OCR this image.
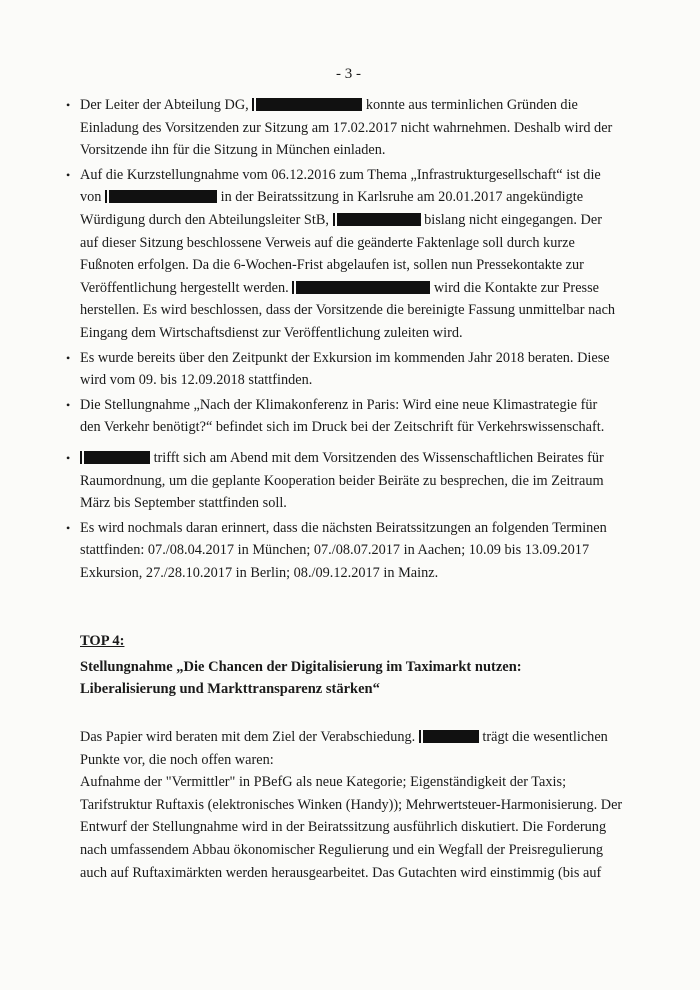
- 3 -
• Der Leiter der Abteilung DG,	konnte aus terminlichen Gründen die Einladung des Vorsitzenden zur Sitzung am 17.02.2017 nicht wahrnehmen. Deshalb wird der Vorsitzende ihn für die Sitzung in München einladen.
• Auf die Kurzstellungnahme vom 06.12.2016 zum Thema „Infrastrukturgesellschaft“ ist die von	in der Beiratssitzung in Karlsruhe am 20.01.2017 angekündigte Würdigung durch den Abteilungsleiter StB,	bislang nicht eingegangen. Der auf dieser Sitzung beschlossene Verweis auf die geänderte Faktenlage soll durch kurze Fußnoten erfolgen. Da die 6-Wochen-Frist abgelaufen ist, sollen nun Pressekontakte zur Veröffentlichung hergestellt werden.	wird die Kontakte zur Presse herstellen. Es wird beschlossen, dass der Vorsitzende die bereinigte Fassung unmittelbar nach Eingang dem Wirtschaftsdienst zur Veröffentlichung zuleiten wird.
• Es wurde bereits über den Zeitpunkt der Exkursion im kommenden Jahr 2018 beraten. Diese wird vom 09. bis 12.09.2018 stattfinden.
• Die Stellungnahme „Nach der Klimakonferenz in Paris: Wird eine neue Klimastrategie für den Verkehr benötigt?“ befindet sich im Druck bei der Zeitschrift für Verkehrswissenschaft.
• trifft sich am Abend mit dem Vorsitzenden des Wissenschaftlichen Beirates für Raumordnung, um die geplante Kooperation beider Beiräte zu besprechen, die im Zeitraum März bis September stattfinden soll.
• Es wird nochmals daran erinnert, dass die nächsten Beiratssitzungen an folgenden Terminen stattfinden: 07./08.04.2017 in München; 07./08.07.2017 in Aachen; 10.09 bis 13.09.2017 Exkursion, 27./28.10.2017 in Berlin; 08./09.12.2017 in Mainz.
TOP 4:
Stellungnahme „Die Chancen der Digitalisierung im Taximarkt nutzen: Liberalisierung und Markttransparenz stärken“

Das Papier wird beraten mit dem Ziel der Verabschiedung.	trägt die wesentlichen Punkte vor, die noch offen waren:

Aufnahme der "Vermittler" in PBefG als neue Kategorie; Eigenständigkeit der Taxis; Tarifstruktur Ruftaxis (elektronisches Winken (Handy)); Mehrwertsteuer-Harmonisierung. Der Entwurf der Stellungnahme wird in der Beiratssitzung ausführlich diskutiert. Die Forderung nach umfassendem Abbau ökonomischer Regulierung und ein Wegfall der Preisregulierung auch auf Ruftaximärkten werden herausgearbeitet. Das Gutachten wird einstimmig (bis auf
